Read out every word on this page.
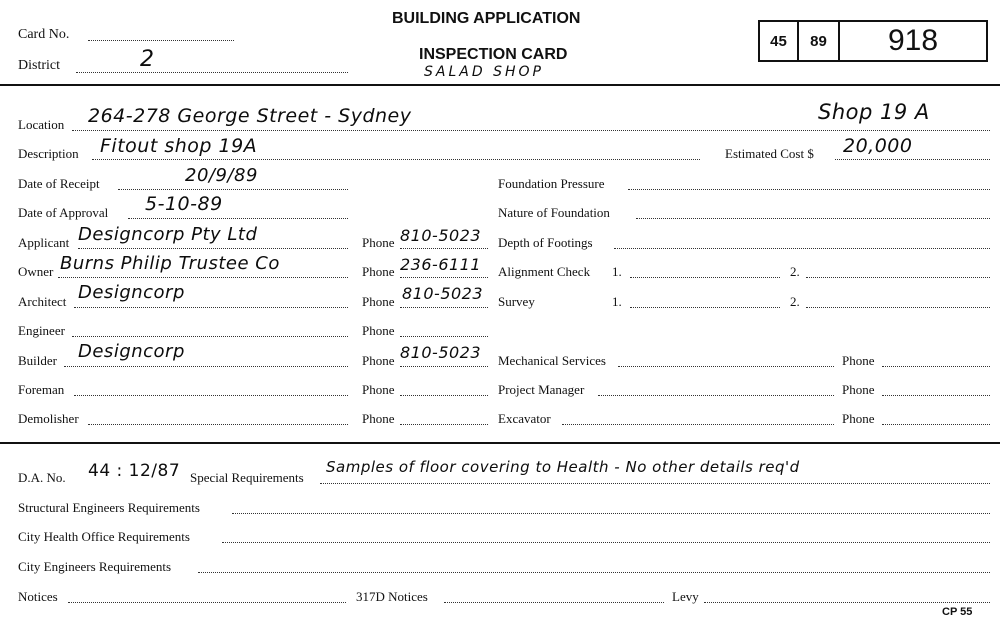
Card No.
District	2
BUILDING APPLICATION
INSPECTION CARD
SALAD SHOP
45	89	918
Location 264-278 George Street - Sydney	Shop 19 A
Description Fitout shop 19A	Estimated Cost $ 20,000
Date of Receipt	20/9/89
Date of Approval 5-10-89
Applicant Designcorp Pty Ltd	Phone 810-5023
Owner Burns Philip Trustee Co	Phone 236-6111
Architect Designcorp	Phone 810-5023
Engineer	Phone
Builder Designcorp	Phone 810-5023
Foreman	Phone
Demolisher	Phone
Foundation Pressure
Nature of Foundation
Depth of Footings
Alignment Check 1.	2.
Survey	1.	2.
Mechanical Services	Phone
Project Manager	Phone
Excavator	Phone
D.A. No. 44 : 12/87 Special Requirements
Samples of floor covering to Health - No other details req'd
Structural Engineers Requirements
City Health Office Requirements
City Engineers Requirements
Notices	317D Notices	Levy
CP 55
